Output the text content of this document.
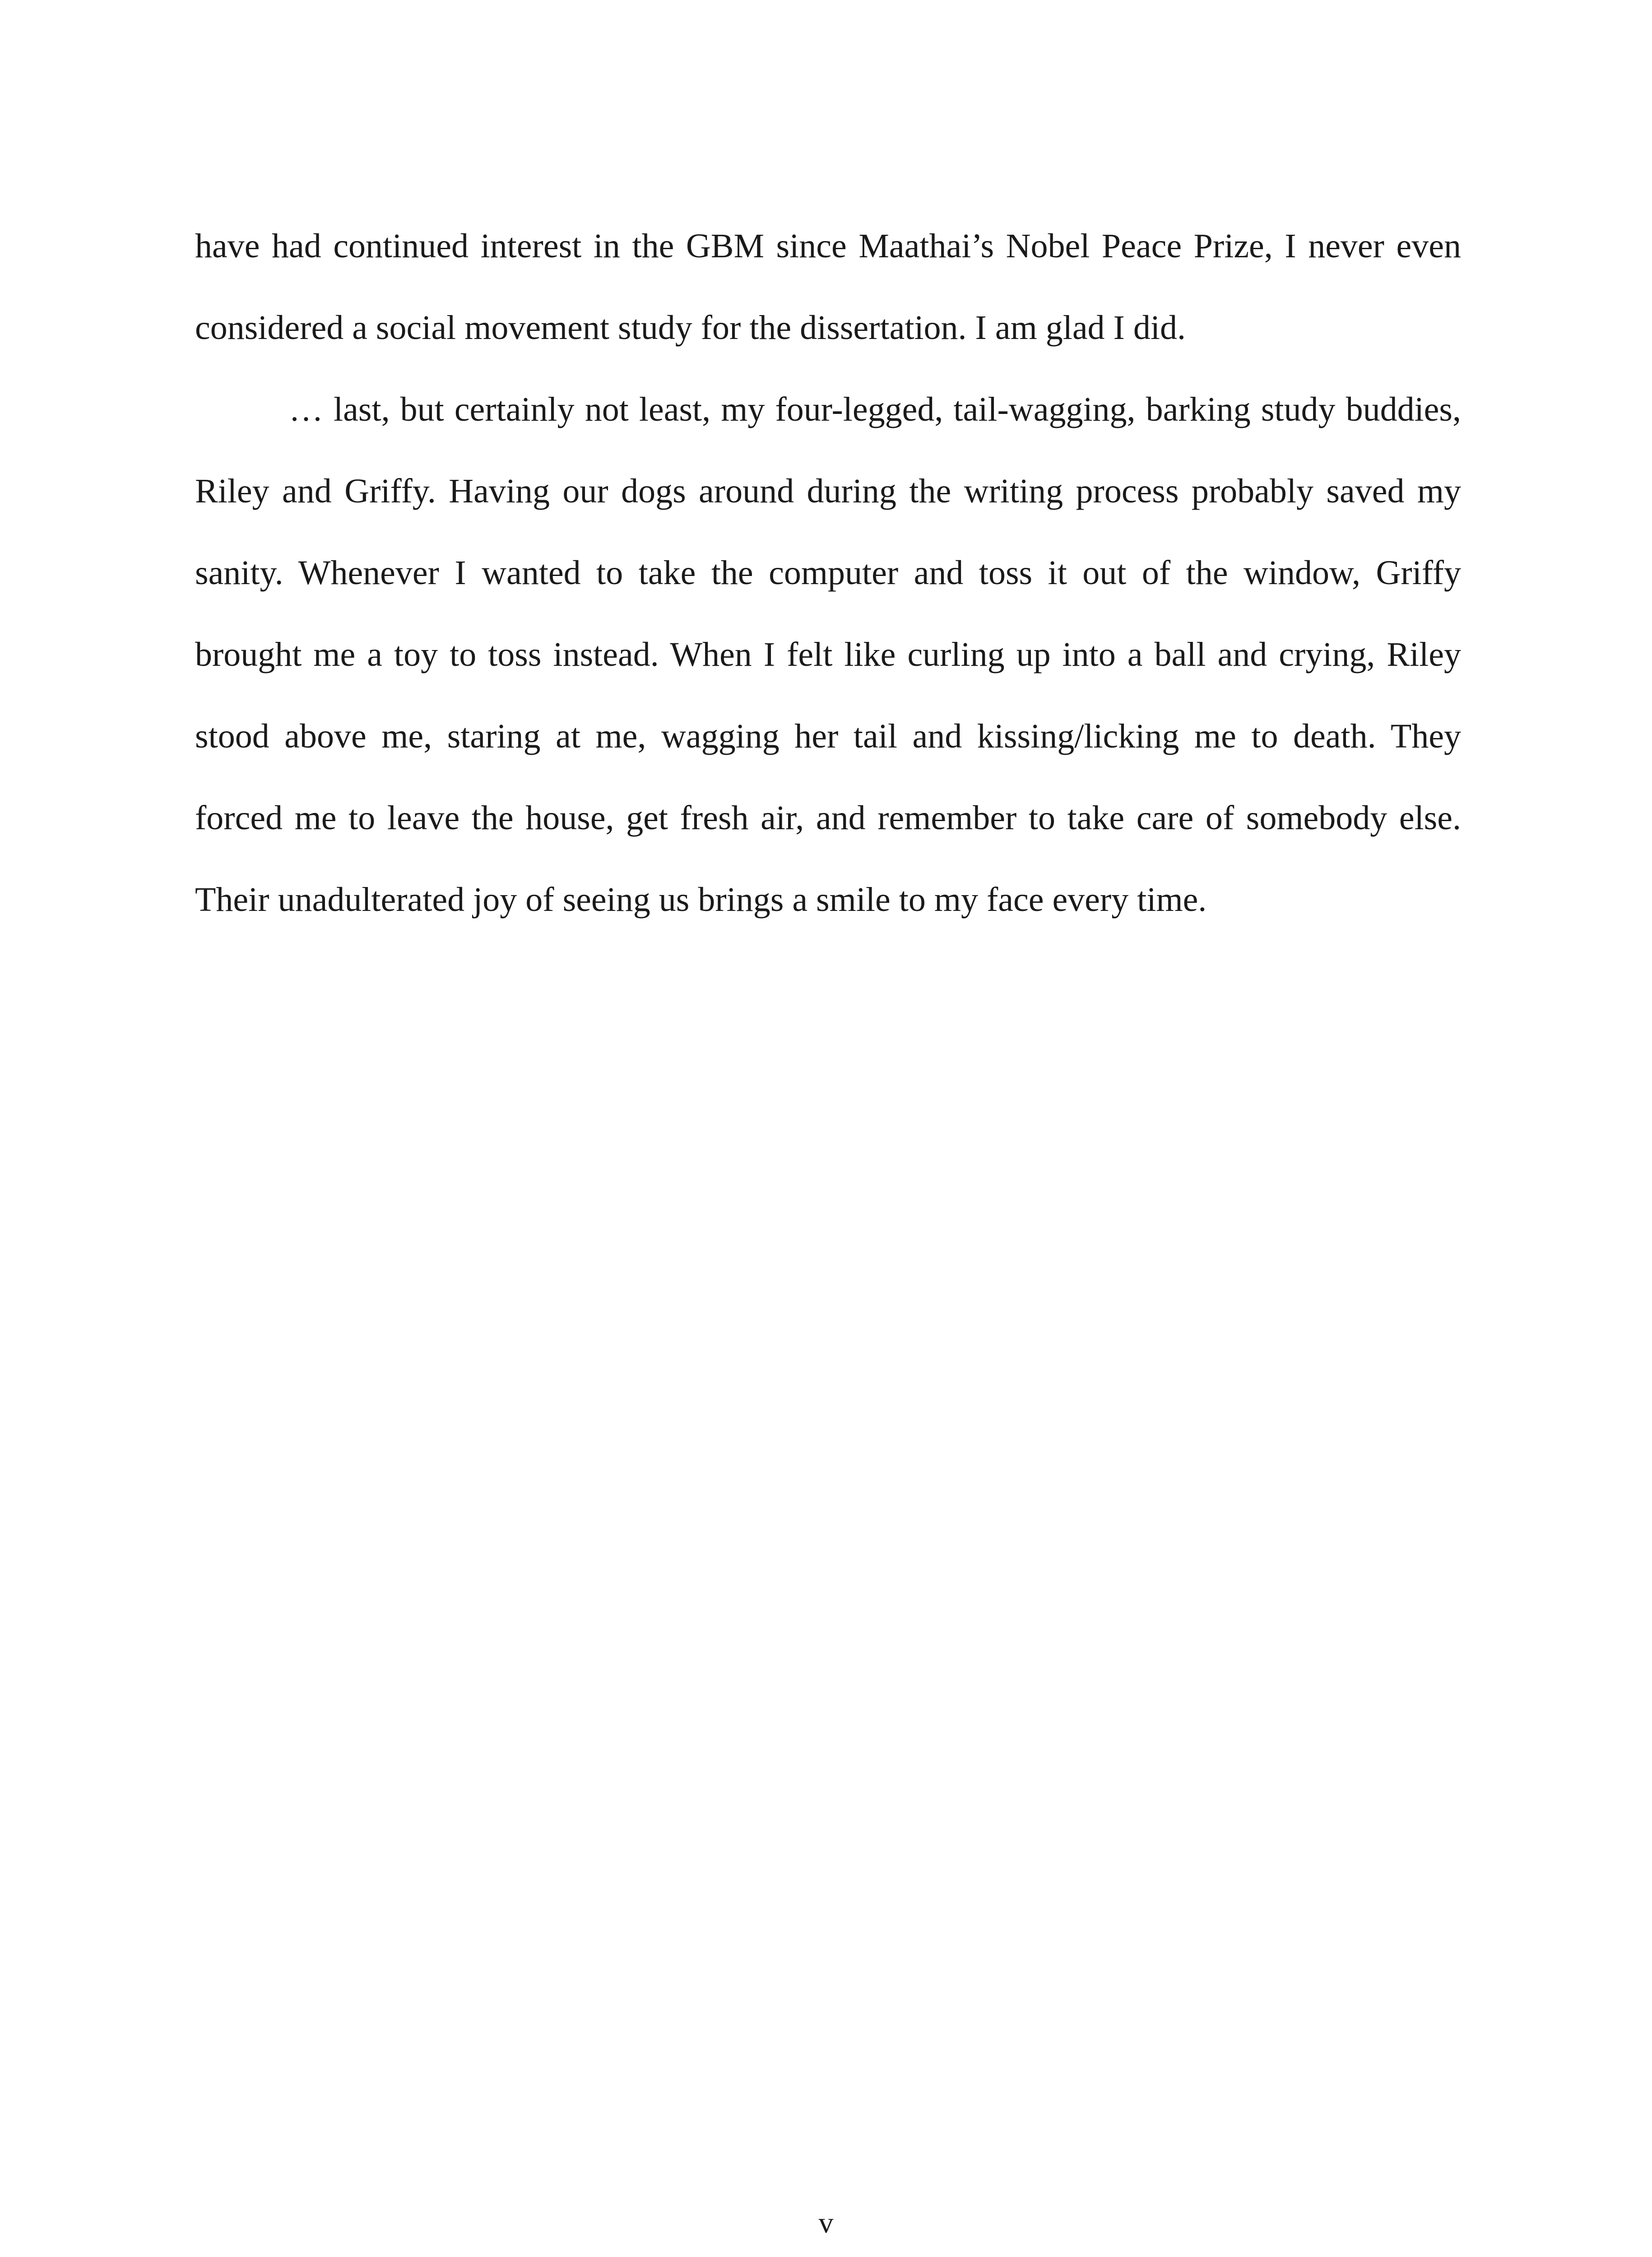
have had continued interest in the GBM since Maathai’s Nobel Peace Prize, I never even considered a social movement study for the dissertation. I am glad I did.

… last, but certainly not least, my four-legged, tail-wagging, barking study buddies, Riley and Griffy. Having our dogs around during the writing process probably saved my sanity. Whenever I wanted to take the computer and toss it out of the window, Griffy brought me a toy to toss instead. When I felt like curling up into a ball and crying, Riley stood above me, staring at me, wagging her tail and kissing/licking me to death. They forced me to leave the house, get fresh air, and remember to take care of somebody else. Their unadulterated joy of seeing us brings a smile to my face every time.

v
